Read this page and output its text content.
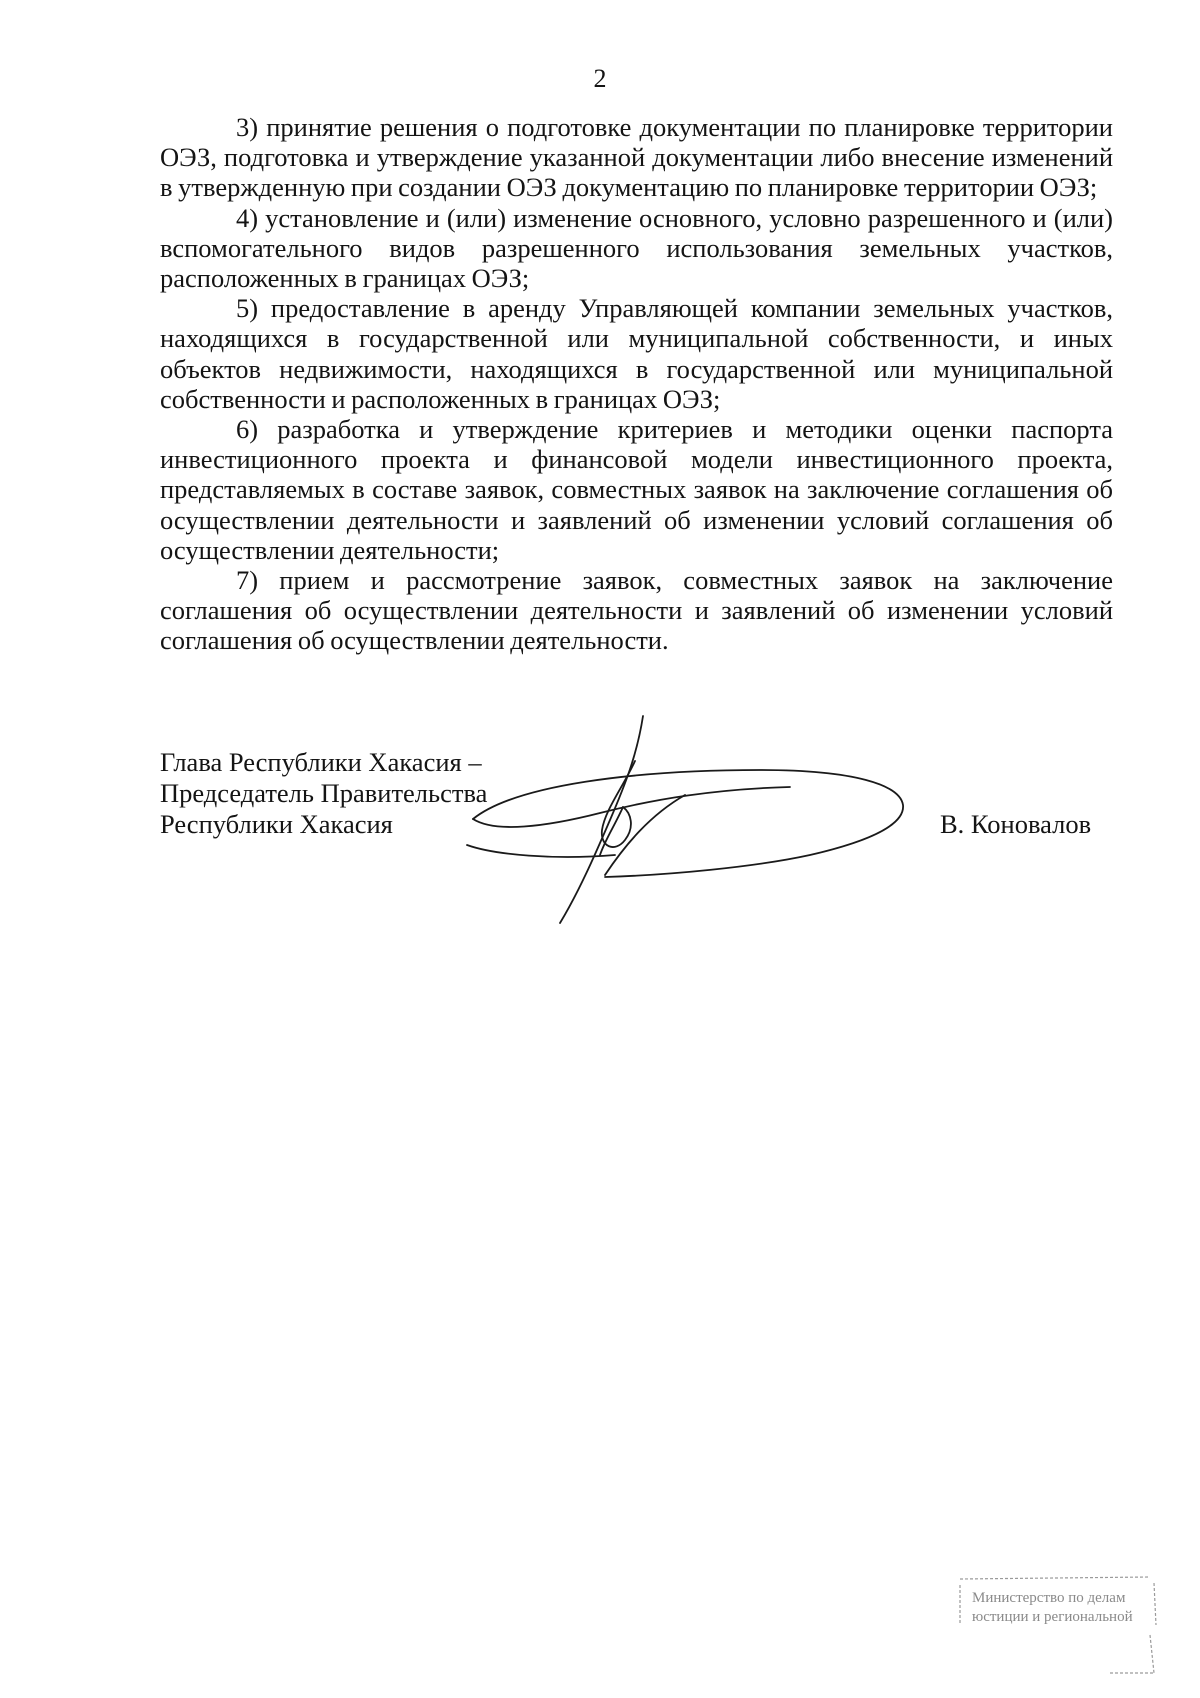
2

3) принятие решения о подготовке документации по планировке территории ОЭЗ, подготовка и утверждение указанной документации либо внесение изменений в утвержденную при создании ОЭЗ документацию по планировке территории ОЭЗ;

4) установление и (или) изменение основного, условно разрешенного и (или) вспомогательного видов разрешенного использования земельных участков, расположенных в границах ОЭЗ;

5) предоставление в аренду Управляющей компании земельных участков, находящихся в государственной или муниципальной собственности, и иных объектов недвижимости, находящихся в государственной или муниципальной собственности и расположенных в границах ОЭЗ;

6) разработка и утверждение критериев и методики оценки паспорта инвестиционного проекта и финансовой модели инвестиционного проекта, представляемых в составе заявок, совместных заявок на заключение соглашения об осуществлении деятельности и заявлений об изменении условий соглашения об осуществлении деятельности;

7) прием и рассмотрение заявок, совместных заявок на заключение соглашения об осуществлении деятельности и заявлений об изменении условий соглашения об осуществлении деятельности.

Глава Республики Хакасия –
Председатель Правительства
Республики Хакасия	В. Коновалов
Министерство по делам
юстиции и региональной
